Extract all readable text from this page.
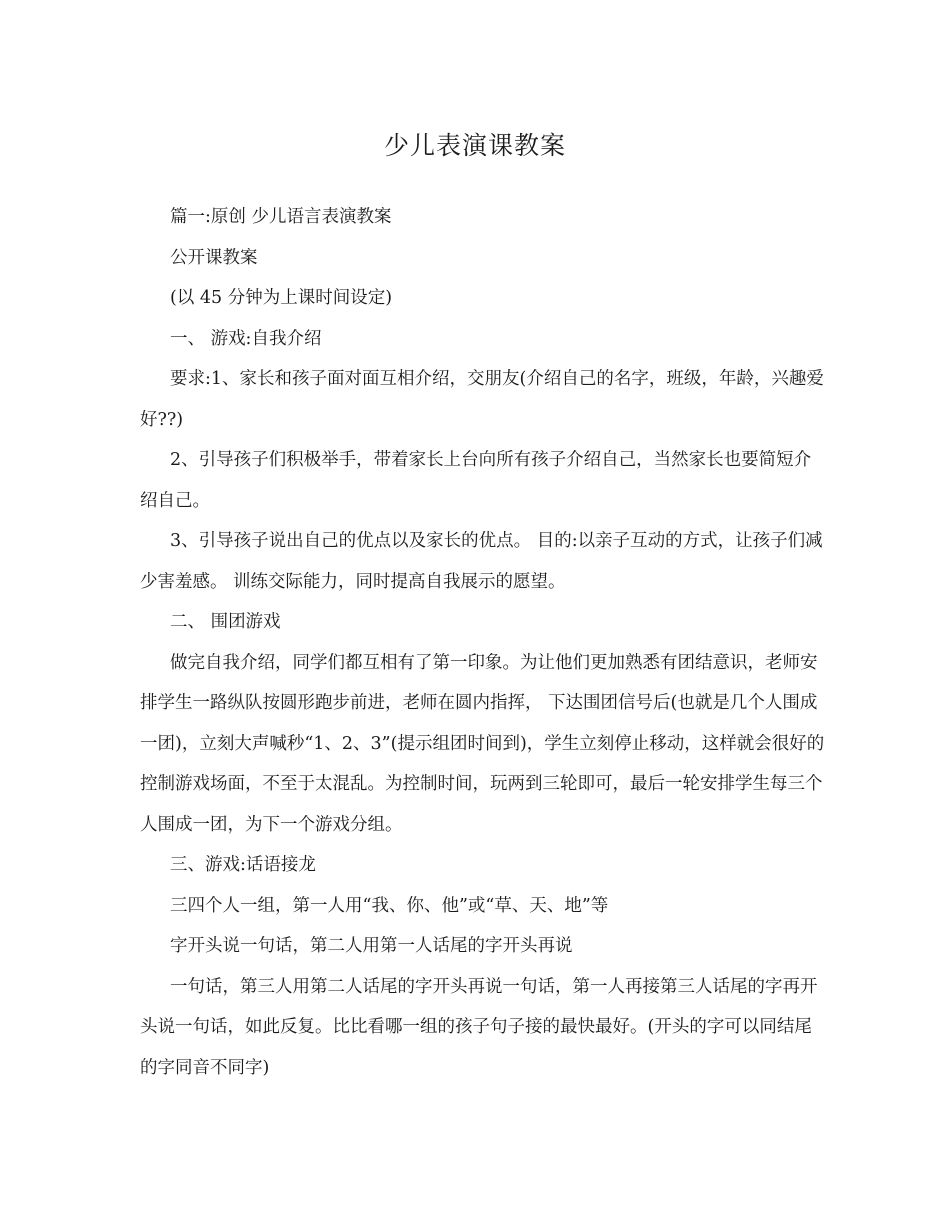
少儿表演课教案

篇一:原创 少儿语言表演教案

公开课教案

(以 45 分钟为上课时间设定)

一、 游戏:自我介绍

要求:1、家长和孩子面对面互相介绍，交朋友(介绍自己的名字，班级，年龄，兴趣爱好??)

2、引导孩子们积极举手，带着家长上台向所有孩子介绍自己，当然家长也要简短介绍自己。

3、引导孩子说出自己的优点以及家长的优点。 目的:以亲子互动的方式，让孩子们减少害羞感。 训练交际能力，同时提高自我展示的愿望。

二、 围团游戏

做完自我介绍，同学们都互相有了第一印象。为让他们更加熟悉有团结意识，老师安排学生一路纵队按圆形跑步前进，老师在圆内指挥， 下达围团信号后(也就是几个人围成一团)，立刻大声喊秒“1、2、3”(提示组团时间到)，学生立刻停止移动，这样就会很好的控制游戏场面，不至于太混乱。为控制时间，玩两到三轮即可，最后一轮安排学生每三个人围成一团，为下一个游戏分组。

三、游戏:话语接龙

三四个人一组，第一人用“我、你、他”或“草、天、地”等

字开头说一句话，第二人用第一人话尾的字开头再说

一句话，第三人用第二人话尾的字开头再说一句话，第一人再接第三人话尾的字再开头说一句话，如此反复。比比看哪一组的孩子句子接的最快最好。(开头的字可以同结尾的字同音不同字)
